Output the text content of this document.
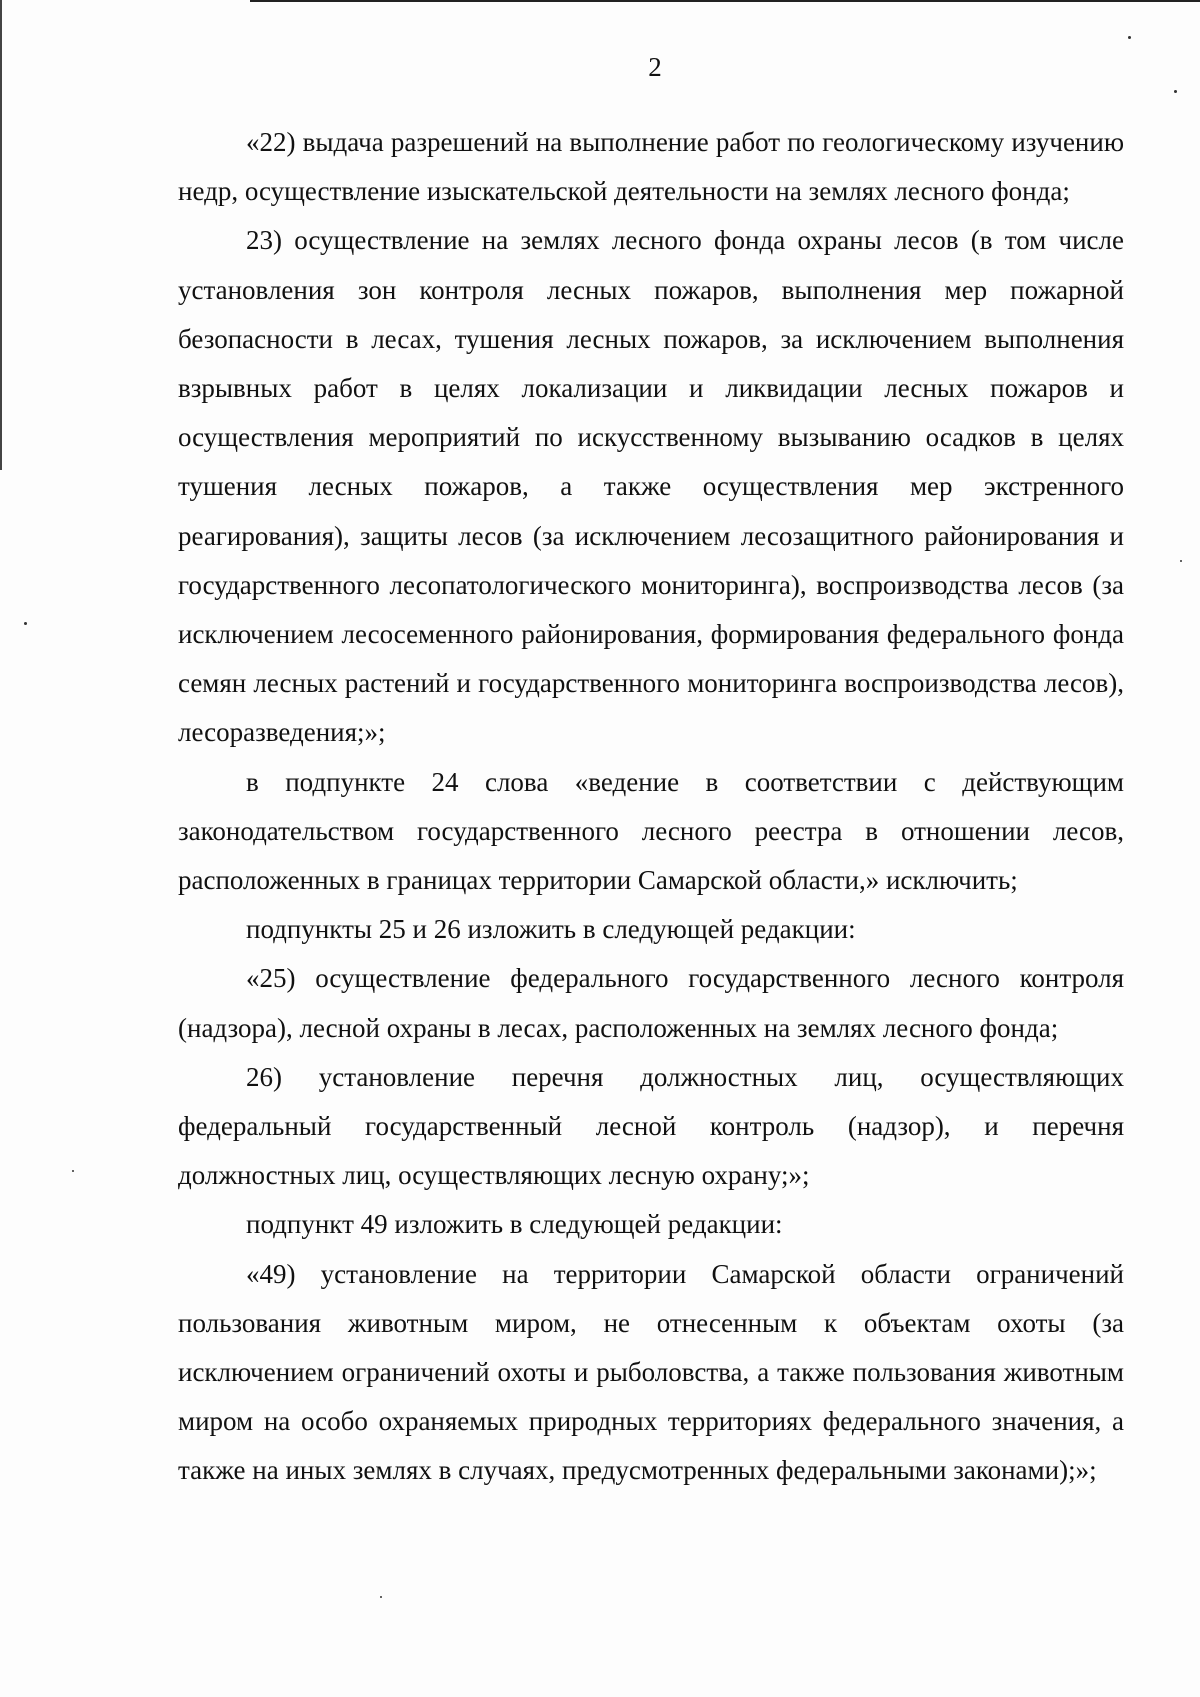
2

«22) выдача разрешений на выполнение работ по геологическому изучению недр, осуществление изыскательской деятельности на землях лесного фонда;

23) осуществление на землях лесного фонда охраны лесов (в том числе установления зон контроля лесных пожаров, выполнения мер пожарной безопасности в лесах, тушения лесных пожаров, за исключением выполнения взрывных работ в целях локализации и ликвидации лесных пожаров и осуществления мероприятий по искусственному вызыванию осадков в целях тушения лесных пожаров, а также осуществления мер экстренного реагирования), защиты лесов (за исключением лесозащитного районирования и государственного лесопатологического мониторинга), воспроизводства лесов (за исключением лесосеменного районирования, формирования федерального фонда семян лесных растений и государственного мониторинга воспроизводства лесов), лесоразведения;»;

в подпункте 24 слова «ведение в соответствии с действующим законодательством государственного лесного реестра в отношении лесов, расположенных в границах территории Самарской области,» исключить;

подпункты 25 и 26 изложить в следующей редакции:

«25) осуществление федерального государственного лесного контроля (надзора), лесной охраны в лесах, расположенных на землях лесного фонда;

26) установление перечня должностных лиц, осуществляющих федеральный государственный лесной контроль (надзор), и перечня должностных лиц, осуществляющих лесную охрану;»;

подпункт 49 изложить в следующей редакции:

«49) установление на территории Самарской области ограничений пользования животным миром, не отнесенным к объектам охоты (за исключением ограничений охоты и рыболовства, а также пользования животным миром на особо охраняемых природных территориях федерального значения, а также на иных землях в случаях, предусмотренных федеральными законами);»;
